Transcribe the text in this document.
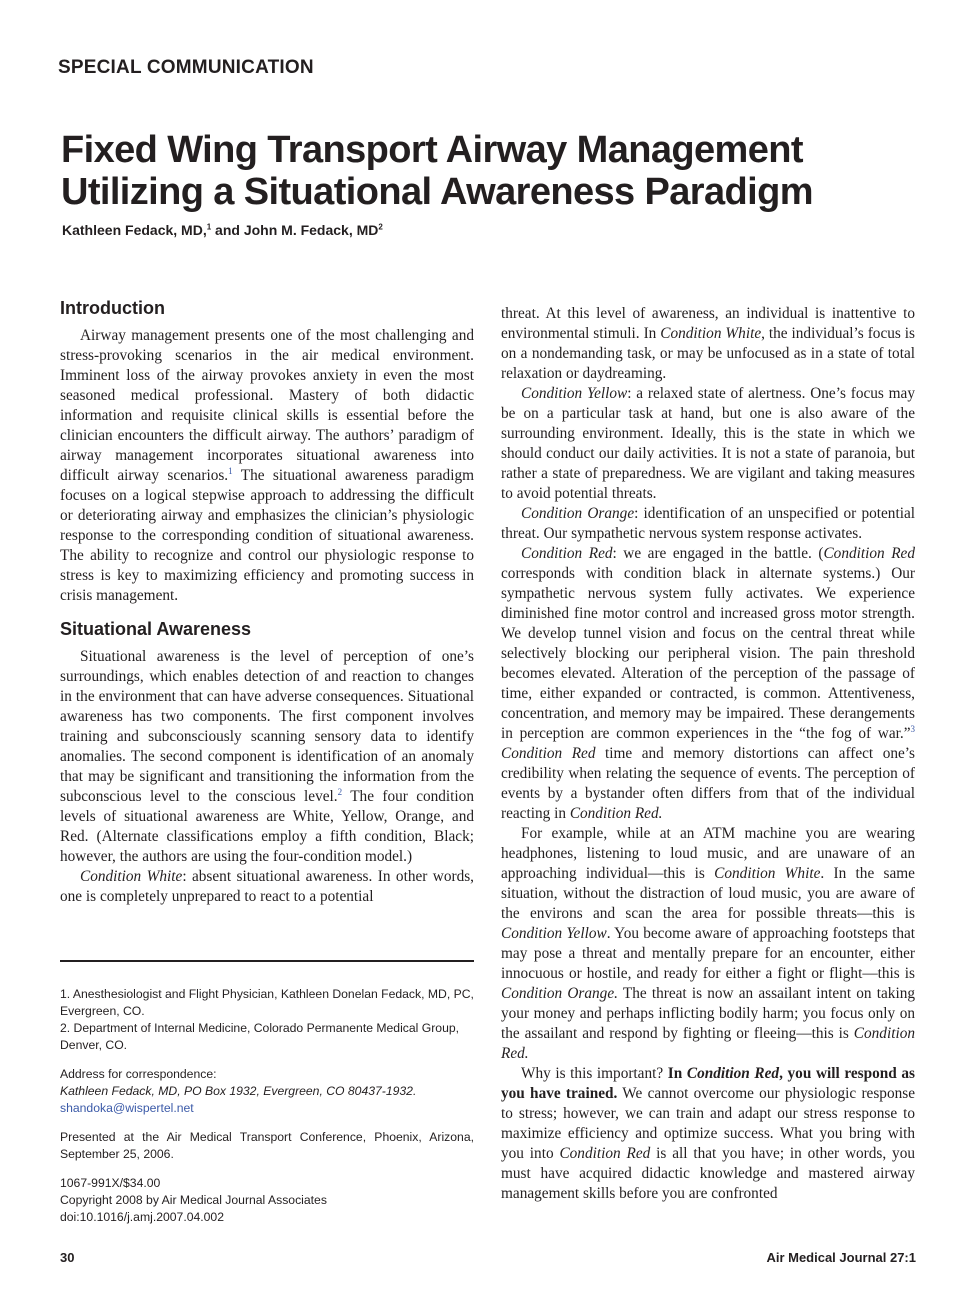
SPECIAL COMMUNICATION
Fixed Wing Transport Airway Management
Utilizing a Situational Awareness Paradigm
Kathleen Fedack, MD,$^1$ and John M. Fedack, $MD^2$
Introduction

Airway management presents one of the most challenging and stress-provoking scenarios in the air medical environment. Imminent loss of the airway provokes anxiety in even the most seasoned medical professional. Mastery of both didactic information and requisite clinical skills is essential before the clinician encounters the difficult airway. The authors’ paradigm of airway management incorporates situational awareness into difficult airway scenarios.$^1$ The situational awareness paradigm focuses on a logical stepwise approach to addressing the difficult or deteriorating airway and emphasizes the clinician’s physiologic response to the corresponding condition of situational awareness. The ability to recognize and control our physiologic response to stress is key to maximizing efficiency and promoting success in crisis management.

Situational Awareness

Situational awareness is the level of perception of one’s surroundings, which enables detection of and reaction to changes in the environment that can have adverse consequences. Situational awareness has two components. The first component involves training and subconsciously scanning sensory data to identify anomalies. The second component is identification of an anomaly that may be significant and transitioning the information from the subconscious level to the conscious level.$^2$ The four condition levels of situational awareness are White, Yellow, Orange, and Red. (Alternate classifications employ a fifth condition, Black; however, the authors are using the four-condition model.)

Condition White: absent situational awareness. In other words, one is completely unprepared to react to a potential

1. Anesthesiologist and Flight Physician, Kathleen Donelan Fedack, MD, PC, Evergreen, CO.

2. Department of Internal Medicine, Colorado Permanente Medical Group, Denver, CO.

Address for correspondence:

Kathleen Fedack, MD, PO Box 1932, Evergreen, CO 80437-1932. shandoka@wispertel.net

Presented at the Air Medical Transport Conference, Phoenix, Arizona, September 25, 2006.

1067-991X/$34.00

Copyright 2008 by Air Medical Journal Associates

doi:10.1016/j.amj.2007.04.002

threat. At this level of awareness, an individual is inattentive to environmental stimuli. In Condition White, the individual’s focus is on a nondemanding task, or may be unfocused as in a state of total relaxation or daydreaming.

Condition Yellow: a relaxed state of alertness. One’s focus may be on a particular task at hand, but one is also aware of the surrounding environment. Ideally, this is the state in which we should conduct our daily activities. It is not a state of paranoia, but rather a state of preparedness. We are vigilant and taking measures to avoid potential threats.

Condition Orange: identification of an unspecified or potential threat. Our sympathetic nervous system response activates.

Condition Red: we are engaged in the battle. (Condition Red corresponds with condition black in alternate systems.) Our sympathetic nervous system fully activates. We experience diminished fine motor control and increased gross motor strength. We develop tunnel vision and focus on the central threat while selectively blocking our peripheral vision. The pain threshold becomes elevated. Alteration of the perception of the passage of time, either expanded or contracted, is common. Attentiveness, concentration, and memory may be impaired. These derangements in perception are common experiences in the “the fog of war.”$^3$ Condition Red time and memory distortions can affect one’s credibility when relating the sequence of events. The perception of events by a bystander often differs from that of the individual reacting in Condition Red.

For example, while at an ATM machine you are wearing headphones, listening to loud music, and are unaware of an approaching individual—this is Condition White. In the same situation, without the distraction of loud music, you are aware of the environs and scan the area for possible threats—this is Condition Yellow. You become aware of approaching footsteps that may pose a threat and mentally prepare for an encounter, either innocuous or hostile, and ready for either a fight or flight—this is Condition Orange. The threat is now an assailant intent on taking your money and perhaps inflicting bodily harm; you focus only on the assailant and respond by fighting or fleeing—this is Condition Red.

Why is this important? In Condition Red, you will respond as you have trained. We cannot overcome our physiologic response to stress; however, we can train and adapt our stress response to maximize efficiency and optimize success. What you bring with you into Condition Red is all that you have; in other words, you must have acquired didactic knowledge and mastered airway management skills before you are confronted

30	Air Medical Journal 27:1
